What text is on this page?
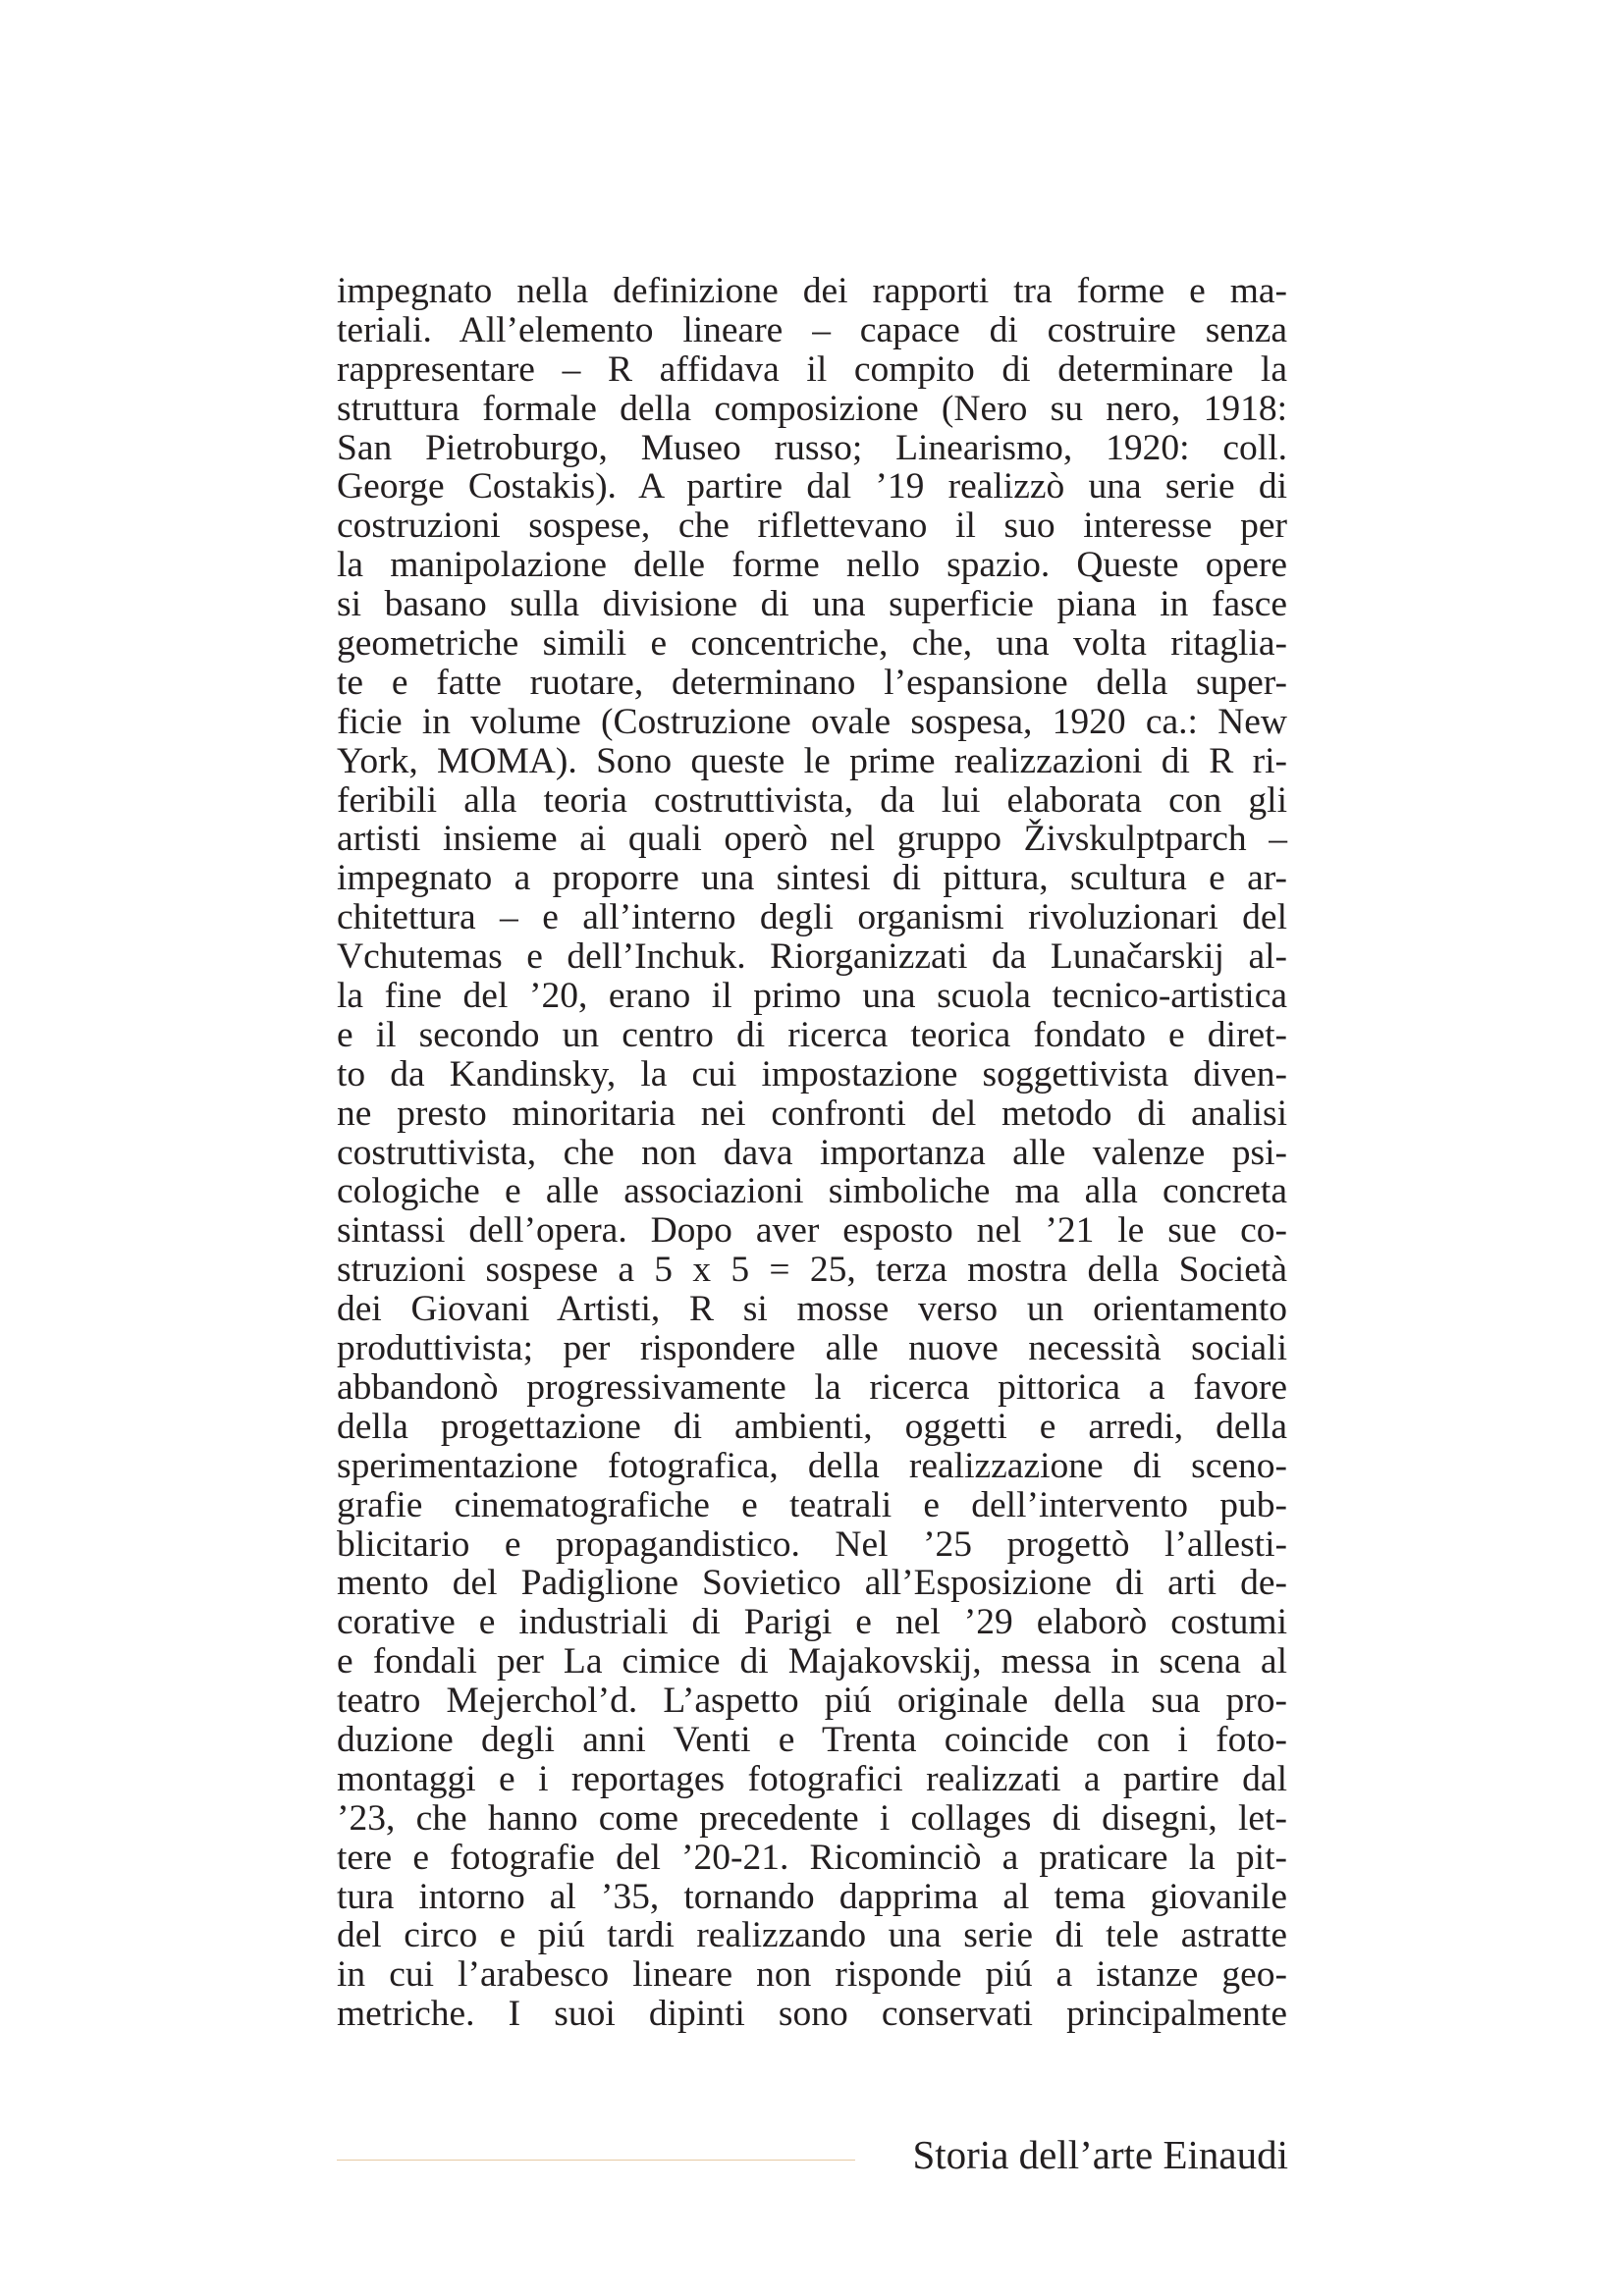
impegnato nella definizione dei rapporti tra forme e ma-
teriali. All’elemento lineare – capace di costruire senza
rappresentare – R affidava il compito di determinare la
struttura formale della composizione (Nero su nero, 1918:
San Pietroburgo, Museo russo; Linearismo, 1920: coll.
George Costakis). A partire dal ’19 realizzò una serie di
costruzioni sospese, che riflettevano il suo interesse per
la manipolazione delle forme nello spazio. Queste opere
si basano sulla divisione di una superficie piana in fasce
geometriche simili e concentriche, che, una volta ritaglia-
te e fatte ruotare, determinano l’espansione della super-
ficie in volume (Costruzione ovale sospesa, 1920 ca.: New
York, MOMA). Sono queste le prime realizzazioni di R ri-
feribili alla teoria costruttivista, da lui elaborata con gli
artisti insieme ai quali operò nel gruppo Živskulptparch –
impegnato a proporre una sintesi di pittura, scultura e ar-
chitettura – e all’interno degli organismi rivoluzionari del
Vchutemas e dell’Inchuk. Riorganizzati da Lunačarskij al-
la fine del ’20, erano il primo una scuola tecnico-artistica
e il secondo un centro di ricerca teorica fondato e diret-
to da Kandinsky, la cui impostazione soggettivista diven-
ne presto minoritaria nei confronti del metodo di analisi
costruttivista, che non dava importanza alle valenze psi-
cologiche e alle associazioni simboliche ma alla concreta
sintassi dell’opera. Dopo aver esposto nel ’21 le sue co-
struzioni sospese a 5 x 5 = 25, terza mostra della Società
dei Giovani Artisti, R si mosse verso un orientamento
produttivista; per rispondere alle nuove necessità sociali
abbandonò progressivamente la ricerca pittorica a favore
della progettazione di ambienti, oggetti e arredi, della
sperimentazione fotografica, della realizzazione di sceno-
grafie cinematografiche e teatrali e dell’intervento pub-
blicitario e propagandistico. Nel ’25 progettò l’allesti-
mento del Padiglione Sovietico all’Esposizione di arti de-
corative e industriali di Parigi e nel ’29 elaborò costumi
e fondali per La cimice di Majakovskij, messa in scena al
teatro Mejerchol’d. L’aspetto piú originale della sua pro-
duzione degli anni Venti e Trenta coincide con i foto-
montaggi e i reportages fotografici realizzati a partire dal
’23, che hanno come precedente i collages di disegni, let-
tere e fotografie del ’20-21. Ricominciò a praticare la pit-
tura intorno al ’35, tornando dapprima al tema giovanile
del circo e piú tardi realizzando una serie di tele astratte
in cui l’arabesco lineare non risponde piú a istanze geo-
metriche. I suoi dipinti sono conservati principalmente
Storia dell’arte Einaudi
